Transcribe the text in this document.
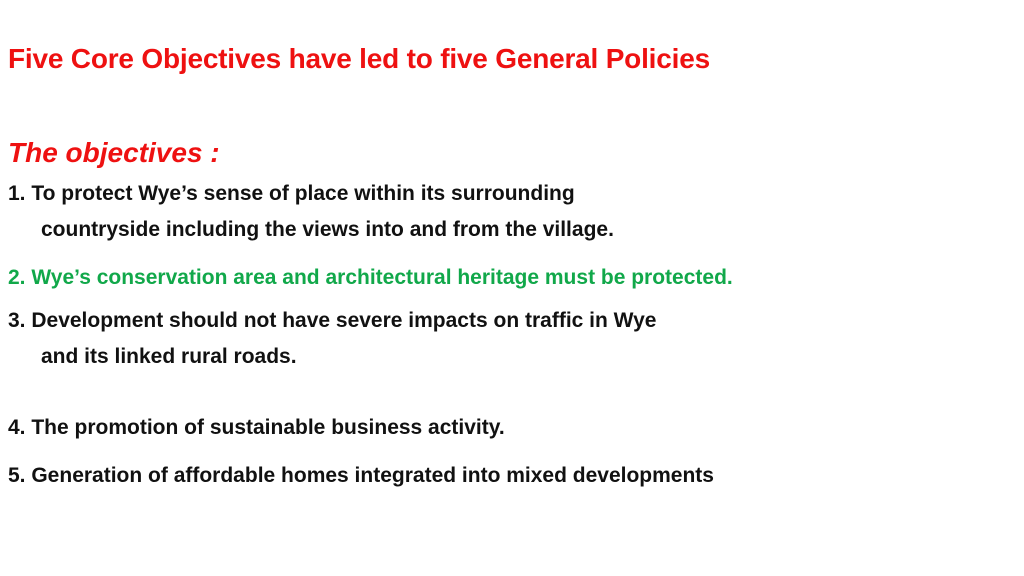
Five Core Objectives have led to five General Policies
The objectives :
1. To protect Wye’s sense of place within its surrounding
countryside including the views into and from the village.
2. Wye’s conservation area and architectural heritage must be protected.
3. Development should not have severe impacts on traffic in Wye
and its linked rural roads.
4. The promotion of sustainable business activity.
5. Generation of affordable homes integrated into mixed developments
